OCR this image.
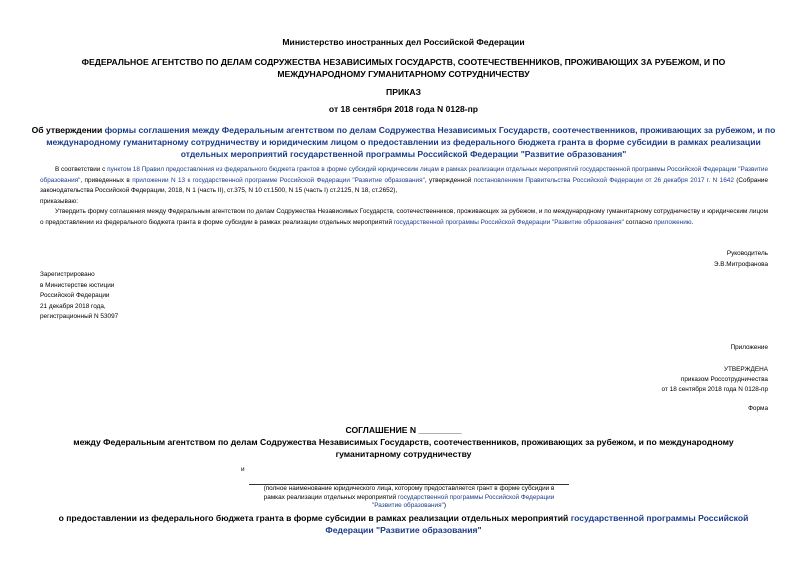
Министерство иностранных дел Российской Федерации
ФЕДЕРАЛЬНОЕ АГЕНТСТВО ПО ДЕЛАМ СОДРУЖЕСТВА НЕЗАВИСИМЫХ ГОСУДАРСТВ, СООТЕЧЕСТВЕННИКОВ, ПРОЖИВАЮЩИХ ЗА РУБЕЖОМ, И ПО МЕЖДУНАРОДНОМУ ГУМАНИТАРНОМУ СОТРУДНИЧЕСТВУ
ПРИКАЗ
от 18 сентября 2018 года N 0128-пр
Об утверждении формы соглашения между Федеральным агентством по делам Содружества Независимых Государств, соотечественников, проживающих за рубежом, и по международному гуманитарному сотрудничеству и юридическим лицом о предоставлении из федерального бюджета гранта в форме субсидии в рамках реализации отдельных мероприятий государственной программы Российской Федерации "Развитие образования"

В соответствии с пунктом 18 Правил предоставления из федерального бюджета грантов в форме субсидий юридическим лицам в рамках реализации отдельных мероприятий государственной программы Российской Федерации "Развитие образования", приведенных в приложении N 13 к государственной программе Российской Федерации "Развитие образования", утвержденной постановлением Правительства Российской Федерации от 26 декабря 2017 г. N 1642 (Собрание законодательства Российской Федерации, 2018, N 1 (часть II), ст.375, N 10 ст.1500, N 15 (часть I) ст.2125, N 18, ст.2652),

приказываю:

Утвердить форму соглашения между Федеральным агентством по делам Содружества Независимых Государств, соотечественников, проживающих за рубежом, и по международному гуманитарному сотрудничеству и юридическим лицом о предоставлении из федерального бюджета гранта в форме субсидии в рамках реализации отдельных мероприятий государственной программы Российской Федерации "Развитие образования" согласно приложению.

Руководитель
Э.В.Митрофанова
Зарегистрировано
в Министерстве юстиции
Российской Федерации
21 декабря 2018 года,
регистрационный N 53097
Приложение
УТВЕРЖДЕНА
приказом Россотрудничества
от 18 сентября 2018 года N 0128-пр
Форма
СОГЛАШЕНИЕ N _________
между Федеральным агентством по делам Содружества Независимых Государств, соотечественников, проживающих за рубежом, и по международному гуманитарному сотрудничеству
и
(полное наименование юридического лица, которому предоставляется грант в форме субсидии в
рамках реализации отдельных мероприятий государственной программы Российской Федерации
"Развитие образования")
о предоставлении из федерального бюджета гранта в форме субсидии в рамках реализации отдельных мероприятий государственной программы Российской Федерации "Развитие образования"
